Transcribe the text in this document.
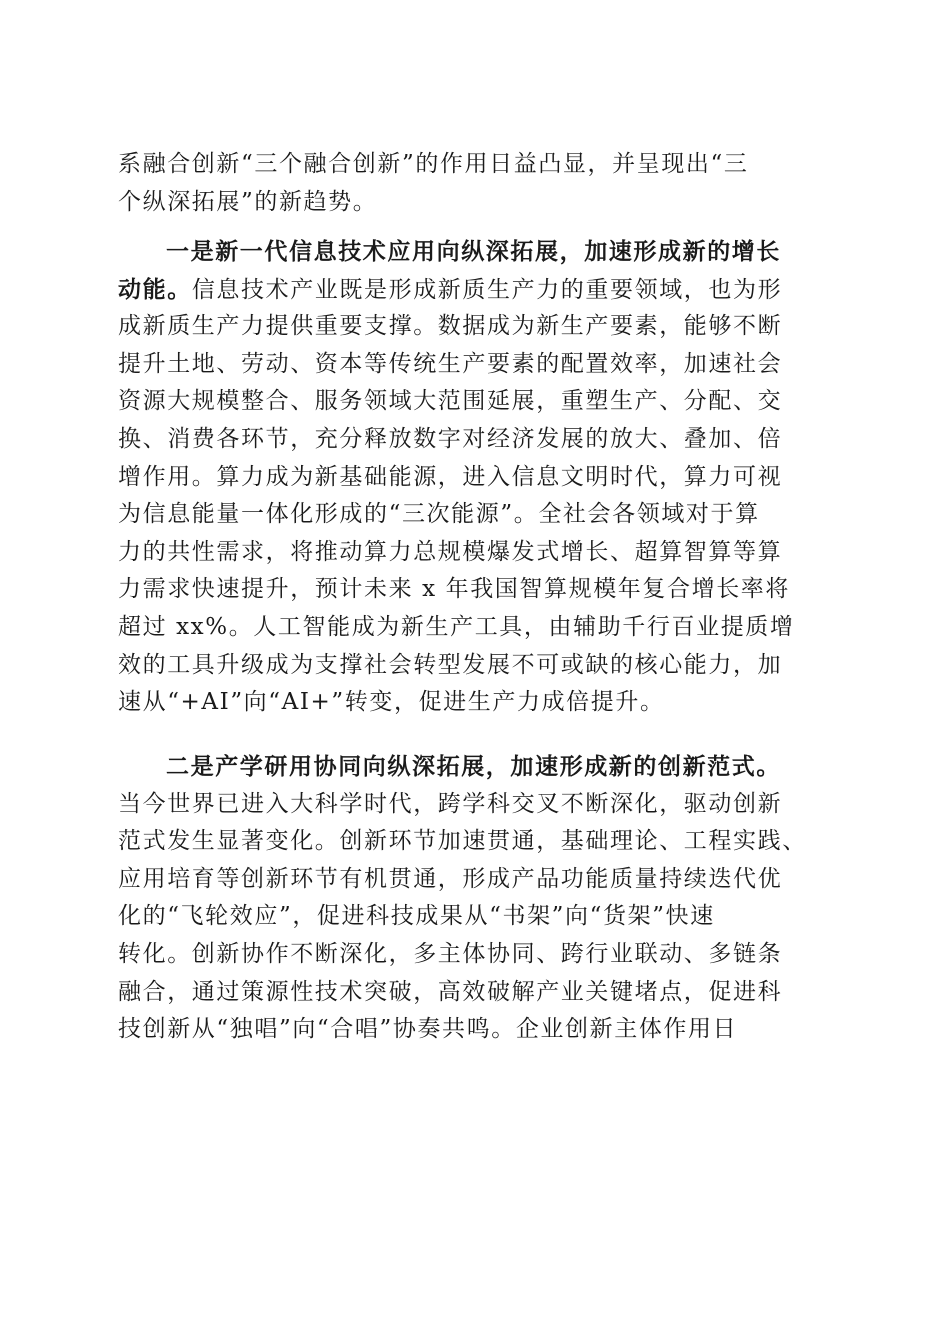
系融合创新“三个融合创新”的作用日益凸显，并呈现出“三
个纵深拓展”的新趋势。
一是新一代信息技术应用向纵深拓展，加速形成新的增长
动能。信息技术产业既是形成新质生产力的重要领域，也为形
成新质生产力提供重要支撑。数据成为新生产要素，能够不断
提升土地、劳动、资本等传统生产要素的配置效率，加速社会
资源大规模整合、服务领域大范围延展，重塑生产、分配、交
换、消费各环节，充分释放数字对经济发展的放大、叠加、倍
增作用。算力成为新基础能源，进入信息文明时代，算力可视
为信息能量一体化形成的“三次能源”。全社会各领域对于算
力的共性需求，将推动算力总规模爆发式增长、超算智算等算
力需求快速提升，预计未来 x 年我国智算规模年复合增长率将
超过 xx%。人工智能成为新生产工具，由辅助千行百业提质增
效的工具升级成为支撑社会转型发展不可或缺的核心能力，加
速从“+AI”向“AI+”转变，促进生产力成倍提升。
二是产学研用协同向纵深拓展，加速形成新的创新范式。
当今世界已进入大科学时代，跨学科交叉不断深化，驱动创新
范式发生显著变化。创新环节加速贯通，基础理论、工程实践、
应用培育等创新环节有机贯通，形成产品功能质量持续迭代优
化的“飞轮效应”，促进科技成果从“书架”向“货架”快速
转化。创新协作不断深化，多主体协同、跨行业联动、多链条
融合，通过策源性技术突破，高效破解产业关键堵点，促进科
技创新从“独唱”向“合唱”协奏共鸣。企业创新主体作用日
